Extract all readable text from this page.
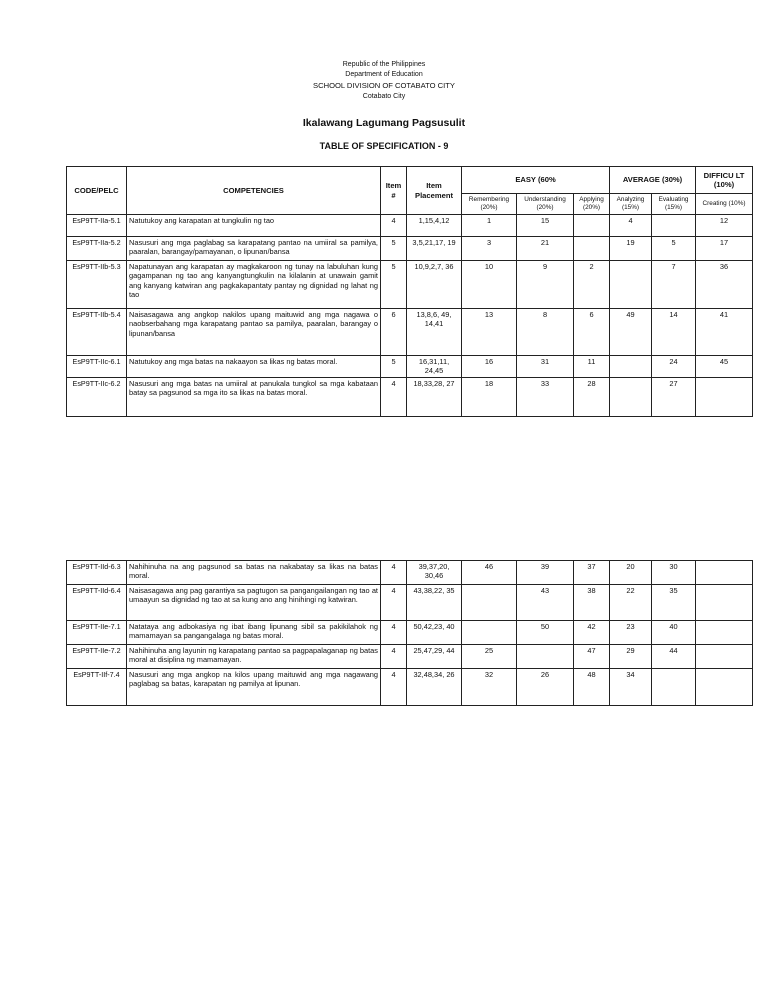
Republic of the Philippines
Department of Education
SCHOOL DIVISION OF COTABATO CITY
Cotabato City
Ikalawang Lagumang Pagsusulit
TABLE OF SPECIFICATION - 9
CODE/PELC	COMPETENCIES	Item #	Item Placement	EASY (60%			AVERAGE (30%)		DIFFICU LT (10%)
				Remembering (20%)	Understanding (20%)	Applying (20%)	Analyzing (15%)	Evaluating (15%)	Creating (10%)
EsP9TT-IIa-5.1	Natutukoy ang karapatan at tungkulin ng tao	4	1,15,4,12	1	15		4		12
EsP9TT-IIa-5.2	Nasusuri ang mga paglabag sa karapatang pantao na umiiral sa pamilya, paaralan, barangay/pamayanan, o lipunan/bansa	5	3,5,21,17, 19	3	21		19	5	17
EsP9TT-IIb-5.3	Napatunayan ang karapatan ay magkakaroon ng tunay na labuluhan kung gagampanan ng tao ang kanyangtungkulin na kilalanin at unawain gamit ang kanyang katwiran ang pagkakapantaty pantay ng dignidad ng lahat ng tao	5	10,9,2,7, 36	10	9	2		7	36
EsP9TT-IIb-5.4	Naisasagawa ang angkop nakilos upang maituwid ang mga nagawa o naobserbahang mga karapatang pantao sa pamilya, paaralan, barangay o lipunan/bansa	6	13,8,6, 49, 14,41	13	8	6	49	14	41
EsP9TT-IIc-6.1	Natutukoy ang mga batas na nakaayon sa likas ng batas moral.	5	16,31,11, 24,45	16	31	11		24	45
EsP9TT-IIc-6.2	Nasusuri ang mga batas na umiiral at panukala tungkol sa mga kabataan batay sa pagsunod sa mga ito sa likas na batas moral.	4	18,33,28, 27	18	33	28		27	
EsP9TT-IId-6.3	Nahihinuha na ang pagsunod sa batas na nakabatay sa likas na batas moral.	4	39,37,20, 30,46	46	39	37	20	30	
EsP9TT-IId-6.4	Naisasagawa ang pag garantiya sa pagtugon sa pangangailangan ng tao at umaayun sa dignidad ng tao at sa kung ano ang hinihingi ng katwiran.	4	43,38,22, 35		43	38	22	35	
EsP9TT-IIe-7.1	Natataya ang adbokasiya ng ibat ibang lipunang sibil sa pakikilahok ng mamamayan sa pangangalaga ng batas moral.	4	50,42,23, 40		50	42	23	40	
EsP9TT-IIe-7.2	Nahihinuha ang layunin ng karapatang pantao sa pagpapalaganap ng batas moral at disiplina ng mamamayan.	4	25,47,29, 44	25		47	29	44	
EsP9TT-IIf-7.4	Nasusuri ang mga angkop na kilos upang maituwid ang mga nagawang paglabag sa batas, karapatan ng pamilya at lipunan.	4	32,48,34, 26	32	26	48	34		
